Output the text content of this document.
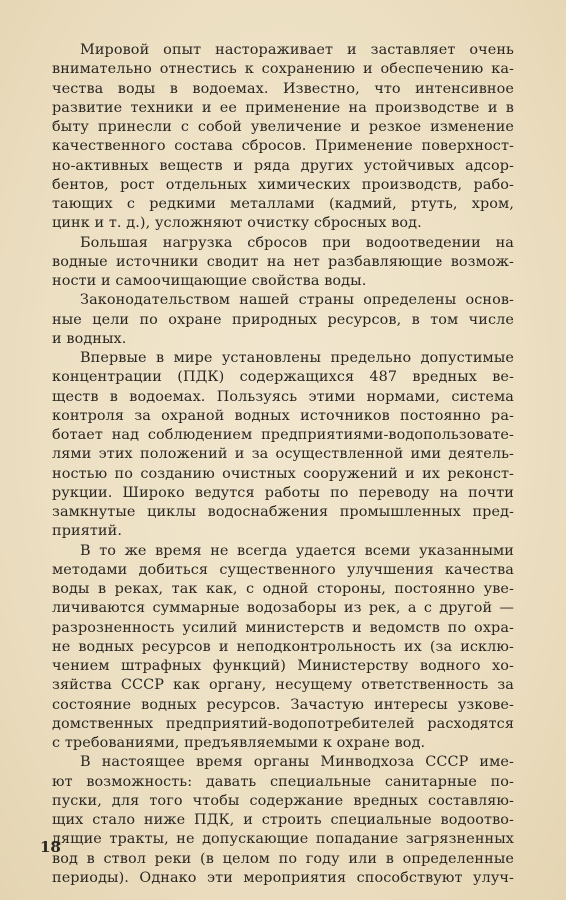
Мировой опыт настораживает и заставляет очень
внимательно отнестись к сохранению и обеспечению ка-
чества воды в водоемах. Известно, что интенсивное
развитие техники и ее применение на производстве и в
быту принесли с собой увеличение и резкое изменение
качественного состава сбросов. Применение поверхност-
но-активных веществ и ряда других устойчивых адсор-
бентов, рост отдельных химических производств, рабо-
тающих с редкими металлами (кадмий, ртуть, хром,
цинк и т. д.), усложняют очистку сбросных вод.
Большая нагрузка сбросов при водоотведении на
водные источники сводит на нет разбавляющие возмож-
ности и самоочищающие свойства воды.
Законодательством нашей страны определены основ-
ные цели по охране природных ресурсов, в том числе
и водных.
Впервые в мире установлены предельно допустимые
концентрации (ПДК) содержащихся 487 вредных ве-
ществ в водоемах. Пользуясь этими нормами, система
контроля за охраной водных источников постоянно ра-
ботает над соблюдением предприятиями-водопользовате-
лями этих положений и за осуществленной ими деятель-
ностью по созданию очистных сооружений и их реконст-
рукции. Широко ведутся работы по переводу на почти
замкнутые циклы водоснабжения промышленных пред-
приятий.
В то же время не всегда удается всеми указанными
методами добиться существенного улучшения качества
воды в реках, так как, с одной стороны, постоянно уве-
личиваются суммарные водозаборы из рек, а с другой —
разрозненность усилий министерств и ведомств по охра-
не водных ресурсов и неподконтрольность их (за исклю-
чением штрафных функций) Министерству водного хо-
зяйства СССР как органу, несущему ответственность за
состояние водных ресурсов. Зачастую интересы узкове-
домственных предприятий-водопотребителей расходятся
с требованиями, предъявляемыми к охране вод.
В настоящее время органы Минводхоза СССР име-
ют возможность: давать специальные санитарные по-
пуски, для того чтобы содержание вредных составляю-
щих стало ниже ПДК, и строить специальные водоотво-
дящие тракты, не допускающие попадание загрязненных
вод в ствол реки (в целом по году или в определенные
периоды). Однако эти мероприятия способствуют улуч-
18
